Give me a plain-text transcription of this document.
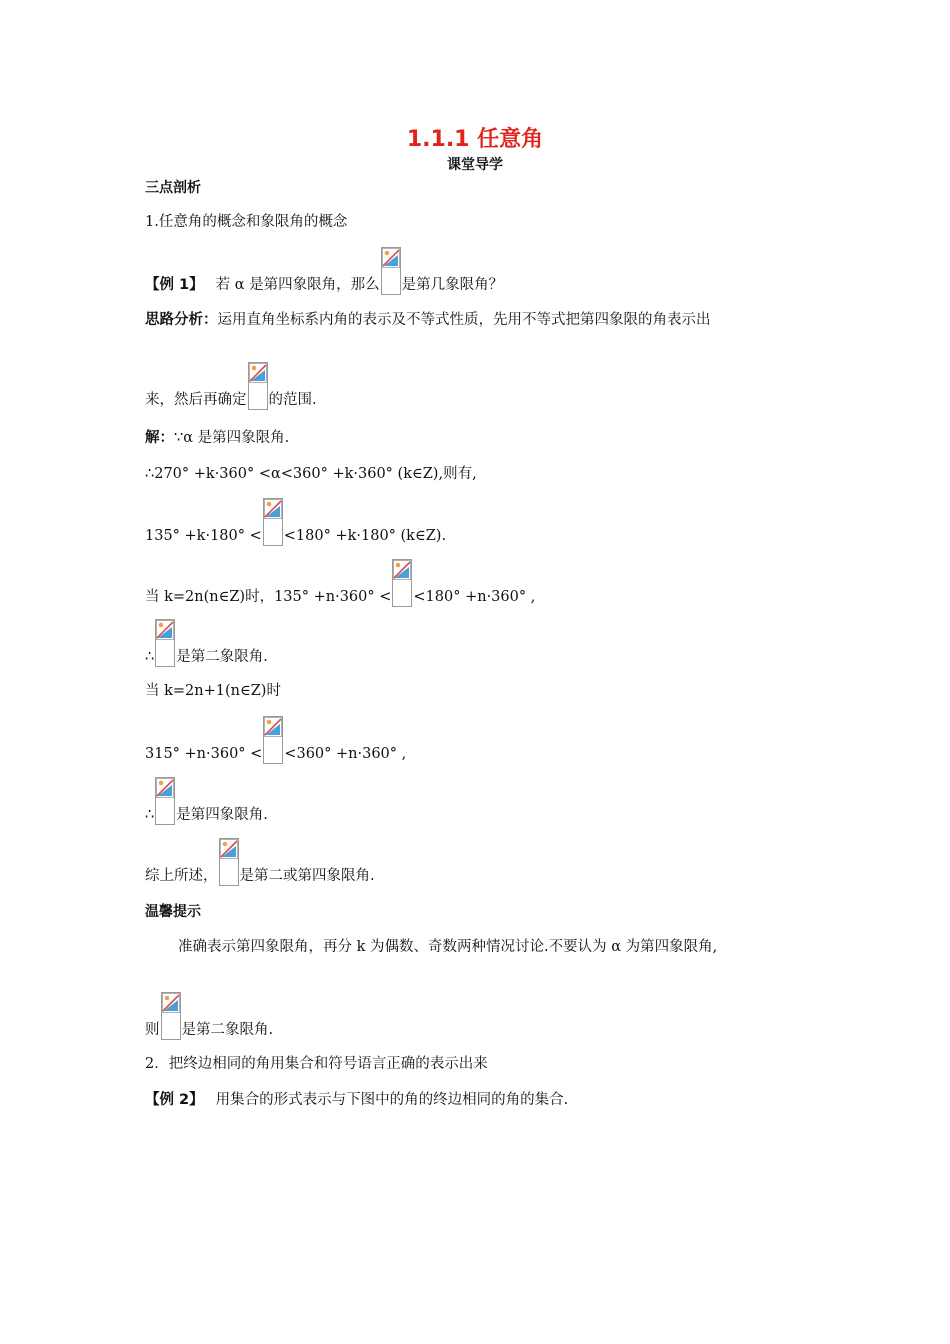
1.1.1 任意角
课堂导学
三点剖析
1.任意角的概念和象限角的概念
【例 1】 若 α 是第四象限角，那么 是第几象限角？
思路分析： 运用直角坐标系内角的表示及不等式性质，先用不等式把第四象限的角表示出
来，然后再确定 的范围.
解： ∵α 是第四象限角.
∴270° +k·360° <α<360° +k·360° (k∈Z),则有,
135° +k·180° < <180° +k·180° (k∈Z).
当 k=2n(n∈Z)时，135° +n·360° < <180° +n·360° ,
∴ 是第二象限角.
当 k=2n+1(n∈Z)时
315° +n·360° < <360° +n·360° ,
∴ 是第四象限角.
综上所述， 是第二或第四象限角.
温馨提示
准确表示第四象限角，再分 k 为偶数、奇数两种情况讨论.不要认为 α 为第四象限角,
则 是第二象限角.
2．把终边相同的角用集合和符号语言正确的表示出来
【例 2】 用集合的形式表示与下图中的角的终边相同的角的集合.
